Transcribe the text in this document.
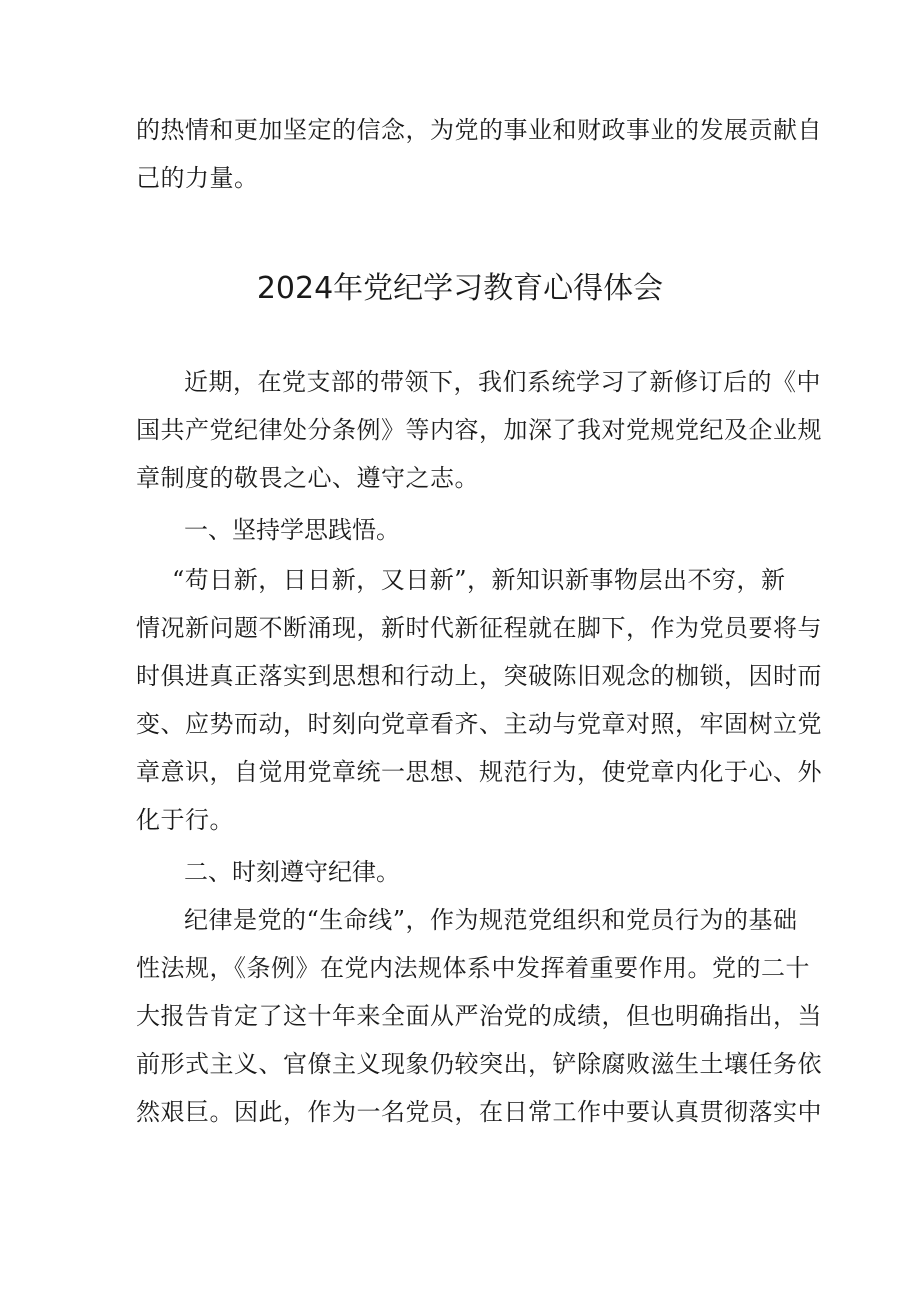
的热情和更加坚定的信念，为党的事业和财政事业的发展贡献自
己的力量。
2024年党纪学习教育心得体会
近期，在党支部的带领下，我们系统学习了新修订后的《中
国共产党纪律处分条例》等内容，加深了我对党规党纪及企业规
章制度的敬畏之心、遵守之志。
一、坚持学思践悟。
“苟日新，日日新，又日新”，新知识新事物层出不穷，新
情况新问题不断涌现，新时代新征程就在脚下，作为党员要将与
时俱进真正落实到思想和行动上，突破陈旧观念的枷锁，因时而
变、应势而动，时刻向党章看齐、主动与党章对照，牢固树立党
章意识，自觉用党章统一思想、规范行为，使党章内化于心、外
化于行。
二、时刻遵守纪律。
纪律是党的“生命线”，作为规范党组织和党员行为的基础
性法规，《条例》在党内法规体系中发挥着重要作用。党的二十
大报告肯定了这十年来全面从严治党的成绩，但也明确指出，当
前形式主义、官僚主义现象仍较突出，铲除腐败滋生土壤任务依
然艰巨。因此，作为一名党员，在日常工作中要认真贯彻落实中
